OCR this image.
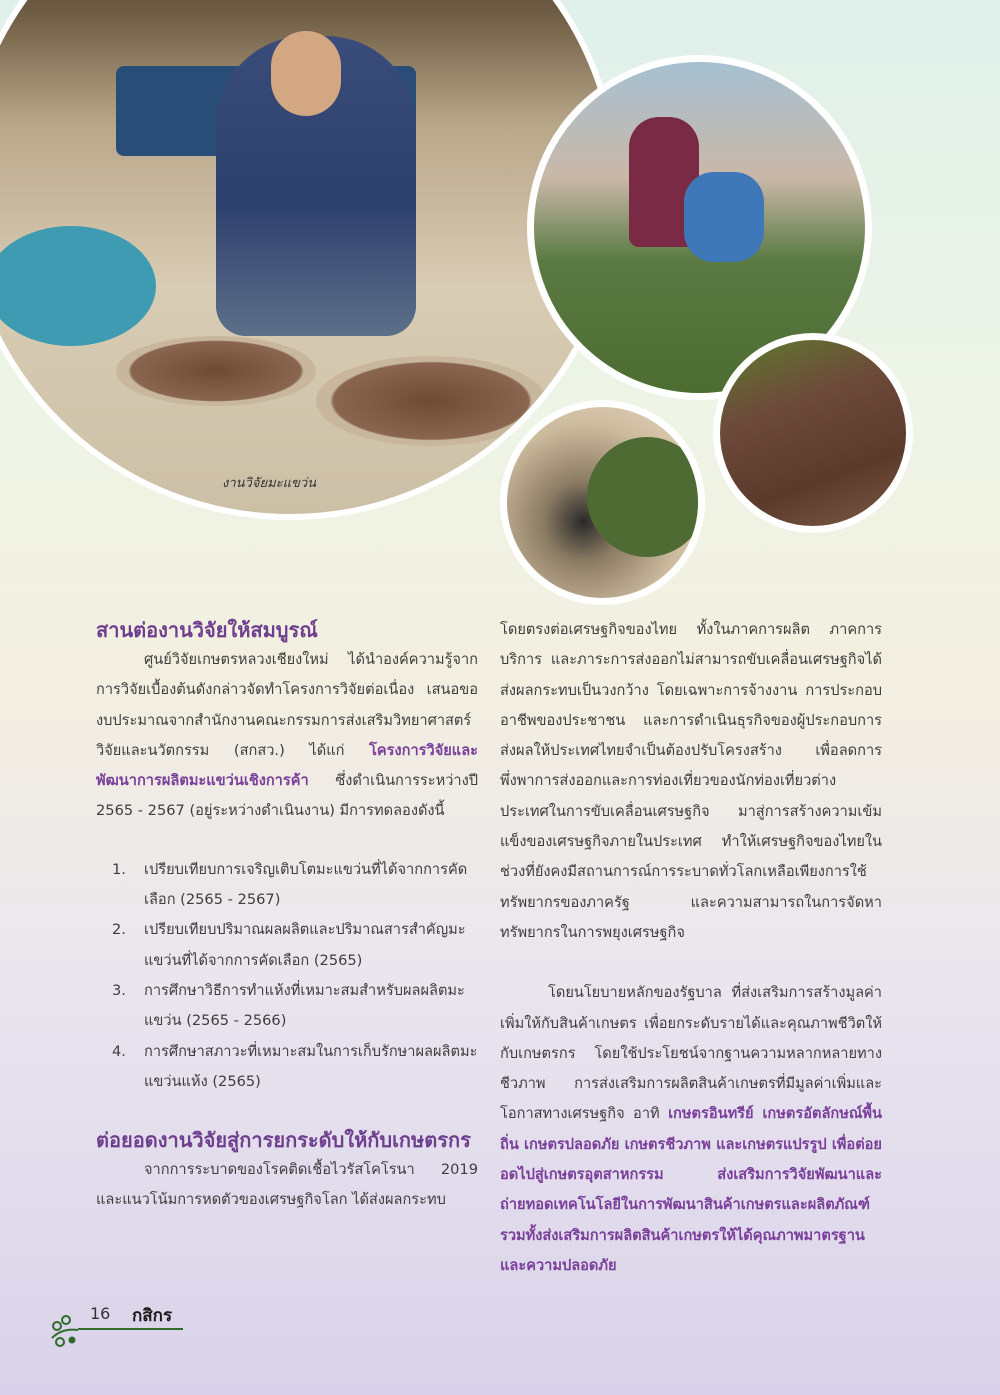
งานวิจัยมะแขว่น
สานต่องานวิจัยให้สมบูรณ์

ศูนย์วิจัยเกษตรหลวงเชียงใหม่ ได้นำองค์ความรู้จากการวิจัยเบื้องต้นดังกล่าวจัดทำโครงการวิจัยต่อเนื่อง เสนอของบประมาณจากสำนักงานคณะกรรมการส่งเสริมวิทยาศาสตร์ วิจัยและนวัตกรรม (สกสว.) ได้แก่ โครงการวิจัยและพัฒนาการผลิตมะแขว่นเชิงการค้า ซึ่งดำเนินการระหว่างปี 2565 - 2567 (อยู่ระหว่างดำเนินงาน) มีการทดลองดังนี้

1. เปรียบเทียบการเจริญเติบโตมะแขว่นที่ได้จากการคัดเลือก (2565 - 2567)
2. เปรียบเทียบปริมาณผลผลิตและปริมาณสารสำคัญมะแขว่นที่ได้จากการคัดเลือก (2565)
3. การศึกษาวิธีการทำแห้งที่เหมาะสมสำหรับผลผลิตมะแขว่น (2565 - 2566)
4. การศึกษาสภาวะที่เหมาะสมในการเก็บรักษาผลผลิตมะแขว่นแห้ง (2565)
ต่อยอดงานวิจัยสู่การยกระดับให้กับเกษตรกร

จากการระบาดของโรคติดเชื้อไวรัสโคโรนา 2019 และแนวโน้มการหดตัวของเศรษฐกิจโลก ได้ส่งผลกระทบ

โดยตรงต่อเศรษฐกิจของไทย ทั้งในภาคการผลิต ภาคการบริการ และภาระการส่งออกไม่สามารถขับเคลื่อนเศรษฐกิจได้ ส่งผลกระทบเป็นวงกว้าง โดยเฉพาะการจ้างงาน การประกอบอาชีพของประชาชน และการดำเนินธุรกิจของผู้ประกอบการ ส่งผลให้ประเทศไทยจำเป็นต้องปรับโครงสร้าง เพื่อลดการพึ่งพาการส่งออกและการท่องเที่ยวของนักท่องเที่ยวต่างประเทศในการขับเคลื่อนเศรษฐกิจ มาสู่การสร้างความเข้มแข็งของเศรษฐกิจภายในประเทศ ทำให้เศรษฐกิจของไทยในช่วงที่ยังคงมีสถานการณ์การระบาดทั่วโลกเหลือเพียงการใช้ทรัพยากรของภาครัฐ และความสามารถในการจัดหาทรัพยากรในการพยุงเศรษฐกิจ

โดยนโยบายหลักของรัฐบาล ที่ส่งเสริมการสร้างมูลค่าเพิ่มให้กับสินค้าเกษตร เพื่อยกระดับรายได้และคุณภาพชีวิตให้กับเกษตรกร โดยใช้ประโยชน์จากฐานความหลากหลายทางชีวภาพ การส่งเสริมการผลิตสินค้าเกษตรที่มีมูลค่าเพิ่มและโอกาสทางเศรษฐกิจ อาทิ เกษตรอินทรีย์ เกษตรอัตลักษณ์พื้นถิ่น เกษตรปลอดภัย เกษตรชีวภาพ และเกษตรแปรรูป เพื่อต่อยอดไปสู่เกษตรอุตสาหกรรม ส่งเสริมการวิจัยพัฒนาและถ่ายทอดเทคโนโลยีในการพัฒนาสินค้าเกษตรและผลิตภัณฑ์ รวมทั้งส่งเสริมการผลิตสินค้าเกษตรให้ได้คุณภาพมาตรฐานและความปลอดภัย

16 กสิกร
